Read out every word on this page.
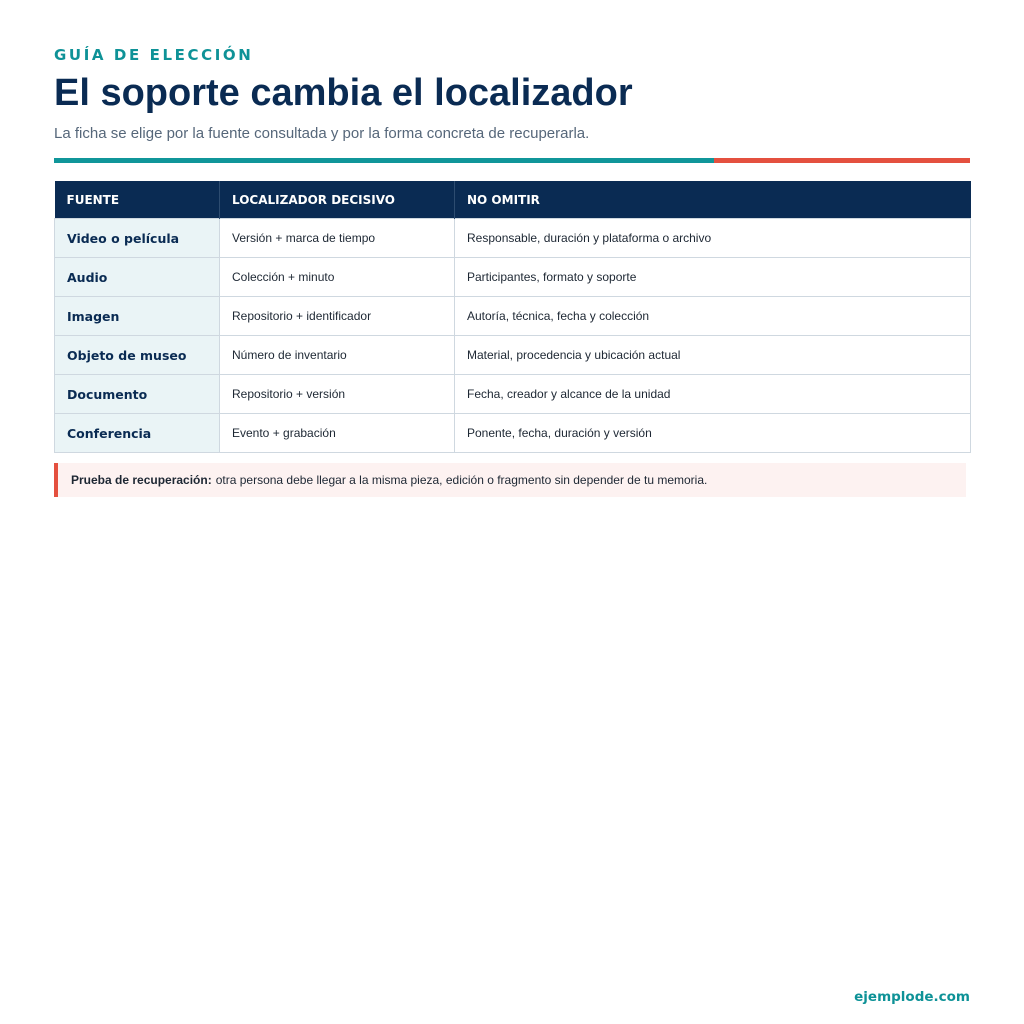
GUÍA DE ELECCIÓN
El soporte cambia el localizador
La ficha se elige por la fuente consultada y por la forma concreta de recuperarla.
FUENTE	LOCALIZADOR DECISIVO	NO OMITIR
Video o película	Versión + marca de tiempo	Responsable, duración y plataforma o archivo
Audio	Colección + minuto	Participantes, formato y soporte
Imagen	Repositorio + identificador	Autoría, técnica, fecha y colección
Objeto de museo	Número de inventario	Material, procedencia y ubicación actual
Documento	Repositorio + versión	Fecha, creador y alcance de la unidad
Conferencia	Evento + grabación	Ponente, fecha, duración y versión
Prueba de recuperación: otra persona debe llegar a la misma pieza, edición o fragmento sin depender de tu memoria.
ejemplode.com
